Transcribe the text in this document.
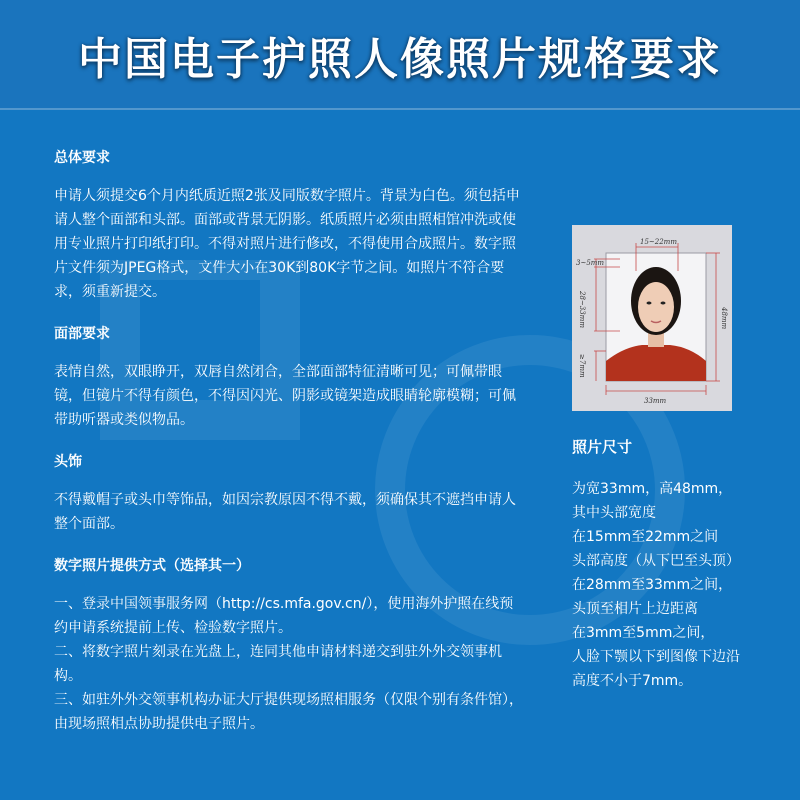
中国电子护照人像照片规格要求
总体要求

申请人须提交6个月内纸质近照2张及同版数字照片。背景为白色。须包括申请人整个面部和头部。面部或背景无阴影。纸质照片必须由照相馆冲洗或使用专业照片打印纸打印。不得对照片进行修改，不得使用合成照片。数字照片文件须为JPEG格式，文件大小在30K到80K字节之间。如照片不符合要求，须重新提交。

面部要求

表情自然，双眼睁开，双唇自然闭合，全部面部特征清晰可见；可佩带眼镜，但镜片不得有颜色，不得因闪光、阴影或镜架造成眼睛轮廓模糊；可佩带助听器或类似物品。

头饰

不得戴帽子或头巾等饰品，如因宗教原因不得不戴，须确保其不遮挡申请人整个面部。

数字照片提供方式（选择其一）
一、登录中国领事服务网（http://cs.mfa.gov.cn/），使用海外护照在线预约申请系统提前上传、检验数字照片。
二、将数字照片刻录在光盘上，连同其他申请材料递交到驻外外交领事机构。
三、如驻外外交领事机构办证大厅提供现场照相服务（仅限个别有条件馆），由现场照相点协助提供电子照片。
15~22mm
3~5mm
28~33mm
≥7mm
48mm
33mm
照片尺寸
为宽33mm，高48mm，
其中头部宽度
在15mm至22mm之间
头部高度（从下巴至头顶）
在28mm至33mm之间，
头顶至相片上边距离
在3mm至5mm之间，
人脸下颚以下到图像下边沿
高度不小于7mm。
